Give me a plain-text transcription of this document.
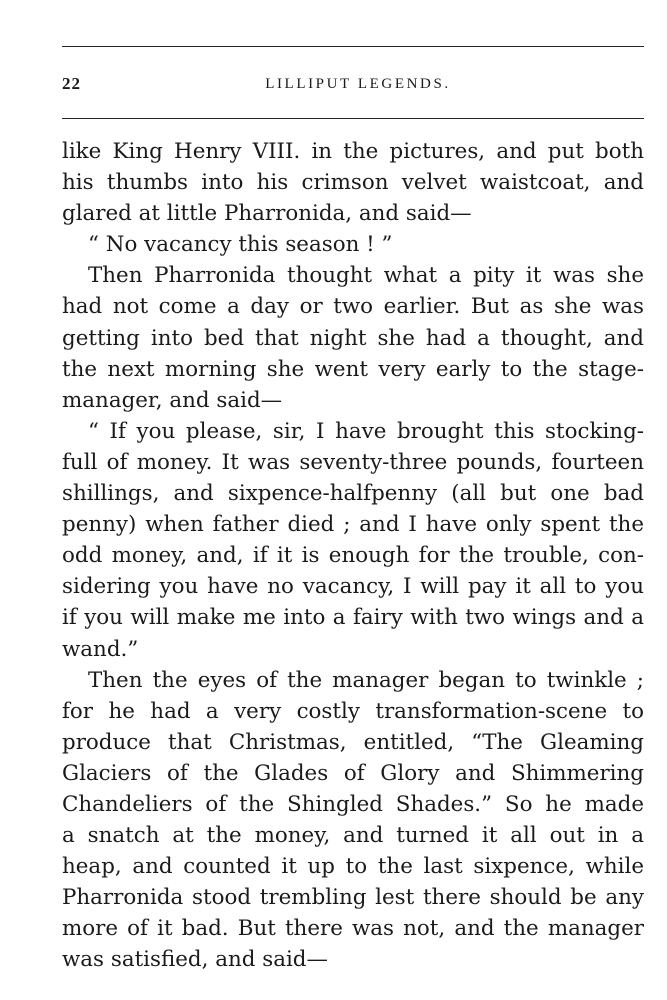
22	LILLIPUT LEGENDS.
like King Henry VIII. in the pictures, and put both
his thumbs into his crimson velvet waistcoat, and
glared at little Pharronida, and said—
“ No vacancy this season ! ”
Then Pharronida thought what a pity it was she
had not come a day or two earlier. But as she was
getting into bed that night she had a thought, and
the next morning she went very early to the stage-
manager, and said—
“ If you please, sir, I have brought this stocking-
full of money. It was seventy-three pounds, fourteen
shillings, and sixpence-halfpenny (all but one bad
penny) when father died ; and I have only spent the
odd money, and, if it is enough for the trouble, con-
sidering you have no vacancy, I will pay it all to you
if you will make me into a fairy with two wings and a
wand.”
Then the eyes of the manager began to twinkle ;
for he had a very costly transformation-scene to
produce that Christmas, entitled, “The Gleaming
Glaciers of the Glades of Glory and Shimmering
Chandeliers of the Shingled Shades.” So he made
a snatch at the money, and turned it all out in a
heap, and counted it up to the last sixpence, while
Pharronida stood trembling lest there should be any
more of it bad. But there was not, and the manager
was satisfied, and said—
